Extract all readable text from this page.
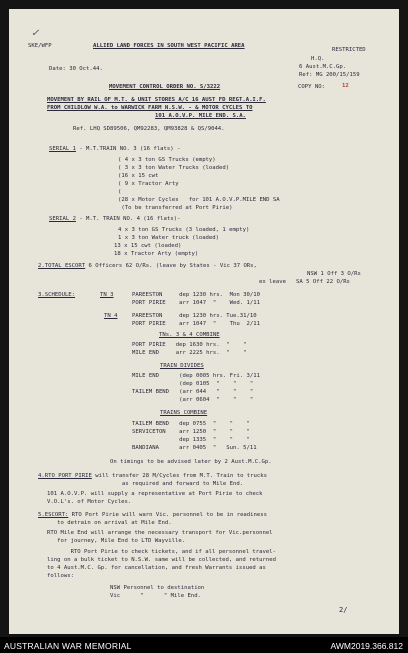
✓
SKE/WFP	ALLIED LAND FORCES IN SOUTH WEST PACIFIC AREA
RESTRICTED
H.Q.
6 Aust.M.C.Gp.
Date: 30 Oct.44.
Ref: MG 200/15/159
MOVEMENT CONTROL ORDER NO. S/3222	COPY NO:	12
MOVEMENT BY RAIL OF M.T. & UNIT STORES A/C 16 AUST FD REGT.A.I.F.
FROM CHILDLOW W.A. to WARWICK FARM N.S.W. - & MOTOR CYCLES TO
101 A.O.V.P. MILE END. S.A.
Ref. LHQ SD89506, QM92283, QM93828 & QS/9044.
SERIAL 1 - M.T.TRAIN NO. 3 (16 flats) -
( 4 x 3 ton GS Trucks (empty)
( 3 x 3 ton Water Trucks (loaded)
(16 x 15 cwt
( 9 x Tractor Arty
(
(28 x Motor Cycles   for 101 A.O.V.P.MILE END SA
(To be transferred at Port Pirie)
SERIAL 2 - M.T. TRAIN NO. 4 (16 flats)-
4 x 3 ton GS Trucks (3 loaded, 1 empty)
1 x 3 ton Water truck (loaded)
13 x 15 cwt (loaded)
18 x Tractor Arty (empty)
2.TOTAL ESCORT 6 Officers 62 O/Rs. (leave by States - Vic 37 ORs,
NSW 1 Off 3 O/Rs
ex leave   SA 5 Off 22 O/Rs
3.SCHEDULE:	TN 3	PAREESTON     dep 1230 hrs.  Mon 30/10
PORT PIRIE    arr 1047  "    Wed. 1/11
TN 4	PAREESTON     dep 1230 hrs. Tue.31/10
PORT PIRIE    arr 1047  "    Thu  2/11
TNs. 3 & 4 COMBINE
PORT PIRIE   dep 1630 hrs.  "    "
MILE END     arr 2225 hrs.  "    "
TRAIN DIVIDES
MILE END      (dep 0005 hrs. Fri. 3/11
(dep 0105  "    "    "
TAILEM BEND   (arr 044   "    "    "
(arr 0604  "    "    "
TRAINS COMBINE
TAILEM BEND   dep 0755  "    "    "
SERVICETON    arr 1250  "    "    "
dep 1335  "    "    "
BANDIANA      arr 0405  "   Sun. 5/11
On timings to be advised later by 2 Aust.M.C.Gp.
4.RTO PORT PIRIE will transfer 28 M/Cycles from M.T. Train to trucks
as required and forward to Mile End.
101 A.O.V.P. will supply a representative at Port Pirie to check
V.O.L's. of Motor Cycles.
5.ESCORT: RTO Port Pirie will warn Vic. personnel to be in readiness
to detrain on arrival at Mile End.
RTO Mile End will arrange the necessary transport for Vic.personnel
for journey, Mile End to LTD Wayville.
RTO Port Pirie to check tickets, and if all personnel travel-
ling on a bulk ticket to N.S.W. same will be collected, and returned
to 4 Aust.M.C. Gp. for cancellation, and fresh Warrants issued as
follows:
NSW Personnel to destination
Vic      "      " Mile End.
2/
AUSTRALIAN WAR MEMORIAL	AWM2019.366.812
